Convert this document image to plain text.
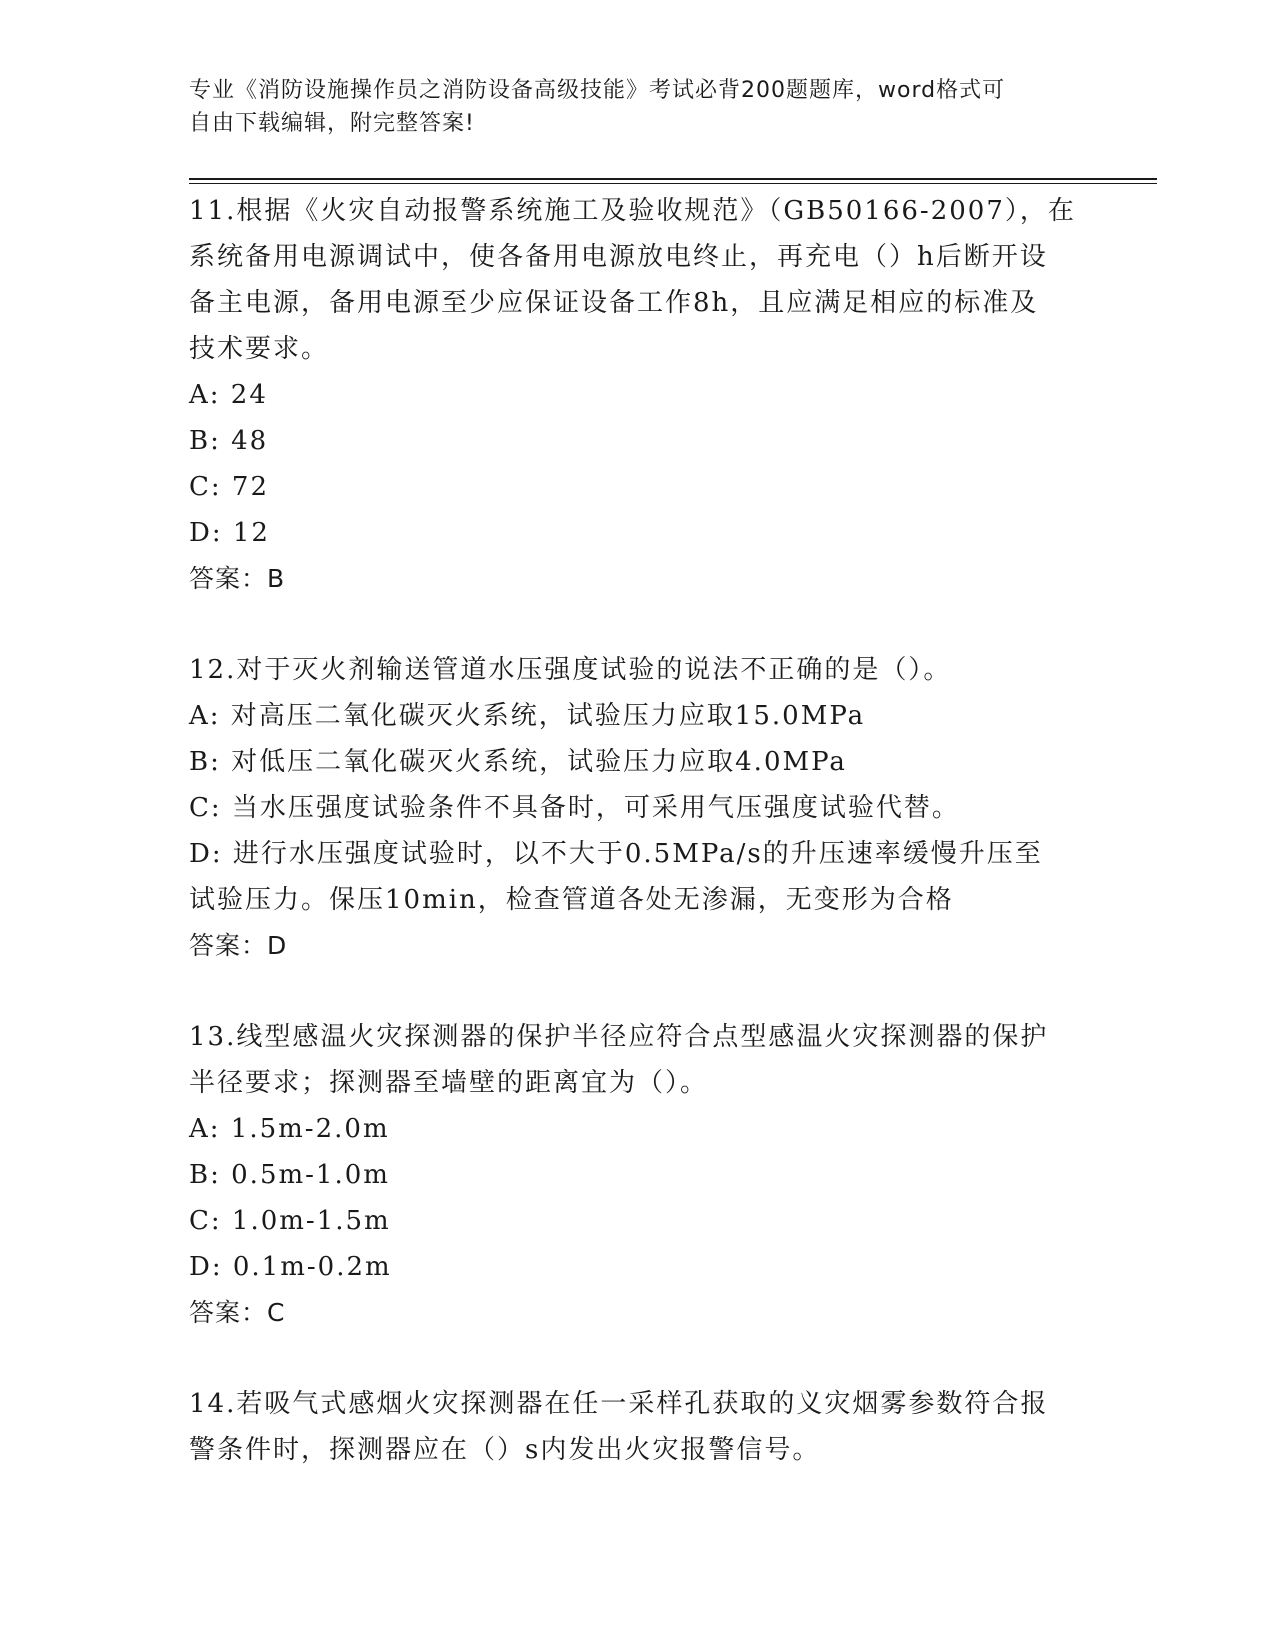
专业《消防设施操作员之消防设备高级技能》考试必背200题题库，word格式可
自由下载编辑，附完整答案!
11.根据《火灾自动报警系统施工及验收规范》（GB50166-2007），在
系统备用电源调试中，使各备用电源放电终止，再充电（）h后断开设
备主电源，备用电源至少应保证设备工作8h，且应满足相应的标准及
技术要求。
A: 24
B: 48
C: 72
D: 12
答案：B
12.对于灭火剂输送管道水压强度试验的说法不正确的是（）。
A: 对高压二氧化碳灭火系统，试验压力应取15.0MPa
B: 对低压二氧化碳灭火系统，试验压力应取4.0MPa
C: 当水压强度试验条件不具备时，可采用气压强度试验代替。
D: 进行水压强度试验时，以不大于0.5MPa/s的升压速率缓慢升压至
试验压力。保压10min，检查管道各处无渗漏，无变形为合格
答案：D
13.线型感温火灾探测器的保护半径应符合点型感温火灾探测器的保护
半径要求；探测器至墙壁的距离宜为（）。
A: 1.5m-2.0m
B: 0.5m-1.0m
C: 1.0m-1.5m
D: 0.1m-0.2m
答案：C
14.若吸气式感烟火灾探测器在任一采样孔获取的义灾烟雾参数符合报
警条件时，探测器应在（）s内发出火灾报警信号。
